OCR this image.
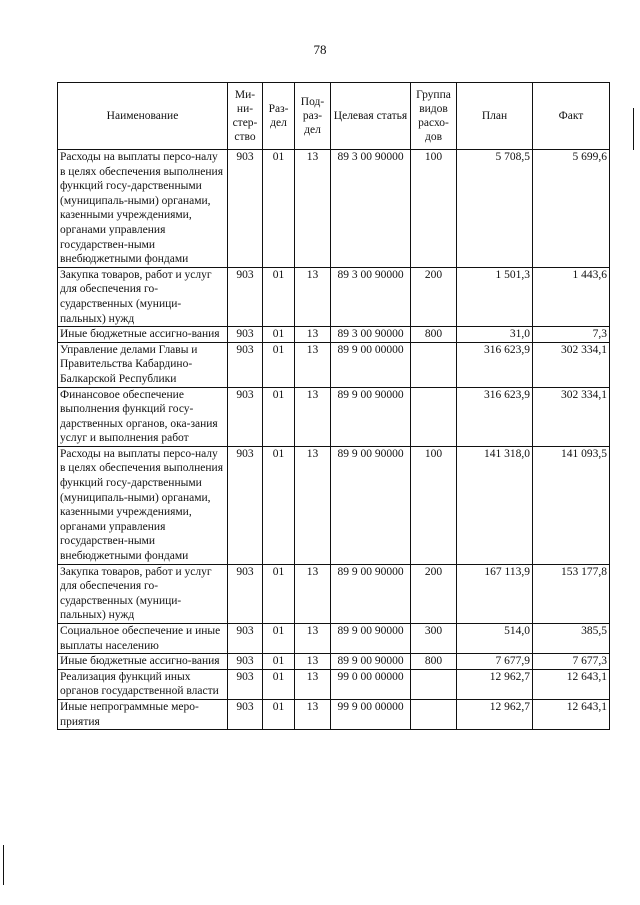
78
Наименование	Ми-ни-стер-ство	Раз-дел	Под-раз-дел	Целевая статья	Группа видов расхо-дов	План	Факт
Расходы на выплаты персо-налу в целях обеспечения выполнения функций госу-дарственными (муниципаль-ными) органами, казенными учреждениями, органами управления государствен-ными внебюджетными фондами	903	01	13	89 3 00 90000	100	5 708,5	5 699,6
Закупка товаров, работ и услуг для обеспечения го-сударственных (муници-пальных) нужд	903	01	13	89 3 00 90000	200	1 501,3	1 443,6
Иные бюджетные ассигно-вания	903	01	13	89 3 00 90000	800	31,0	7,3
Управление делами Главы и Правительства Кабардино-Балкарской Республики	903	01	13	89 9 00 00000		316 623,9	302 334,1
Финансовое обеспечение выполнения функций госу-дарственных органов, ока-зания услуг и выполнения работ	903	01	13	89 9 00 90000		316 623,9	302 334,1
Расходы на выплаты персо-налу в целях обеспечения выполнения функций госу-дарственными (муниципаль-ными) органами, казенными учреждениями, органами управления государствен-ными внебюджетными фондами	903	01	13	89 9 00 90000	100	141 318,0	141 093,5
Закупка товаров, работ и услуг для обеспечения го-сударственных (муници-пальных) нужд	903	01	13	89 9 00 90000	200	167 113,9	153 177,8
Социальное обеспечение и иные выплаты населению	903	01	13	89 9 00 90000	300	514,0	385,5
Иные бюджетные ассигно-вания	903	01	13	89 9 00 90000	800	7 677,9	7 677,3
Реализация функций иных органов государственной власти	903	01	13	99 0 00 00000		12 962,7	12 643,1
Иные непрограммные меро-приятия	903	01	13	99 9 00 00000		12 962,7	12 643,1
